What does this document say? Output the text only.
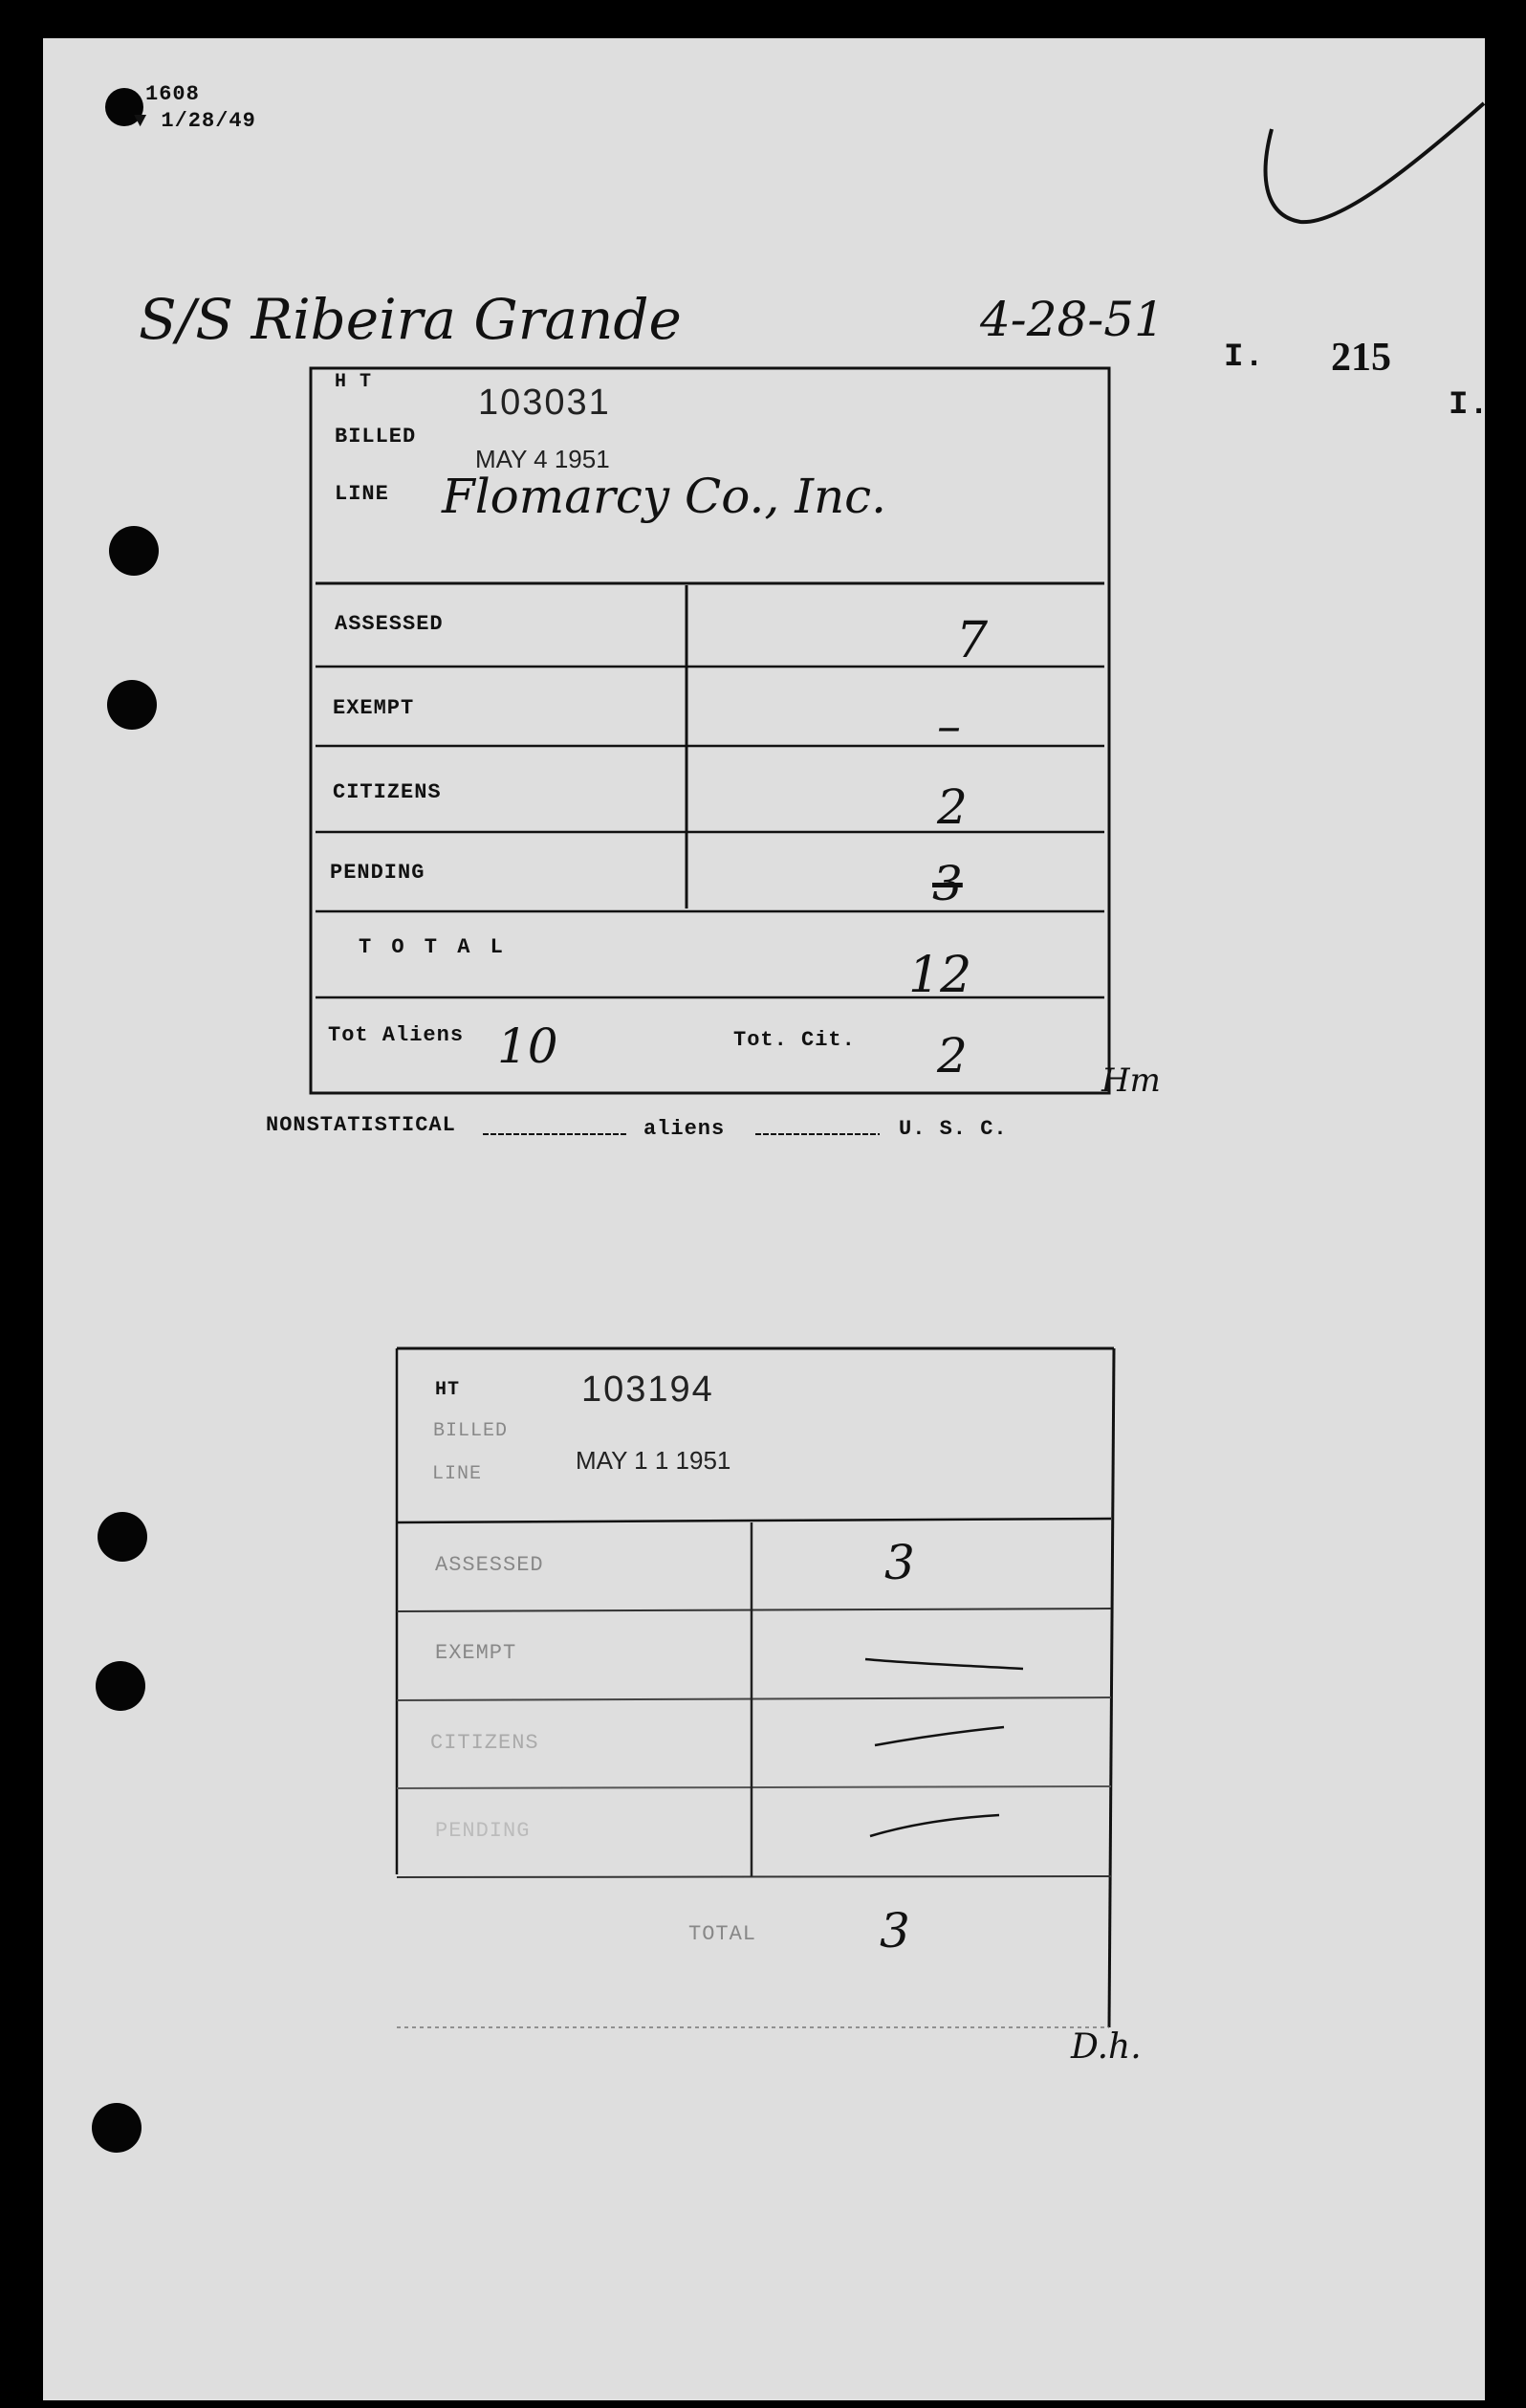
1608
▼ 1/28/49
S/S Ribeira Grande	4-28-51
I. 215
I.
H T
103031
BILLED
MAY 4 1951
LINE Flomarcy Co., Inc.
ASSESSED	7
EXEMPT	–
CITIZENS	2
PENDING	3
T O T A L	12
Tot Aliens 10	Tot. Cit. 2	Hm
NONSTATISTICAL	aliens	U. S. C.
HT	103194
BILLED
MAY 1 1 1951
LINE
ASSESSED	3
EXEMPT
CITIZENS
PENDING
TOTAL	3
D.h.
